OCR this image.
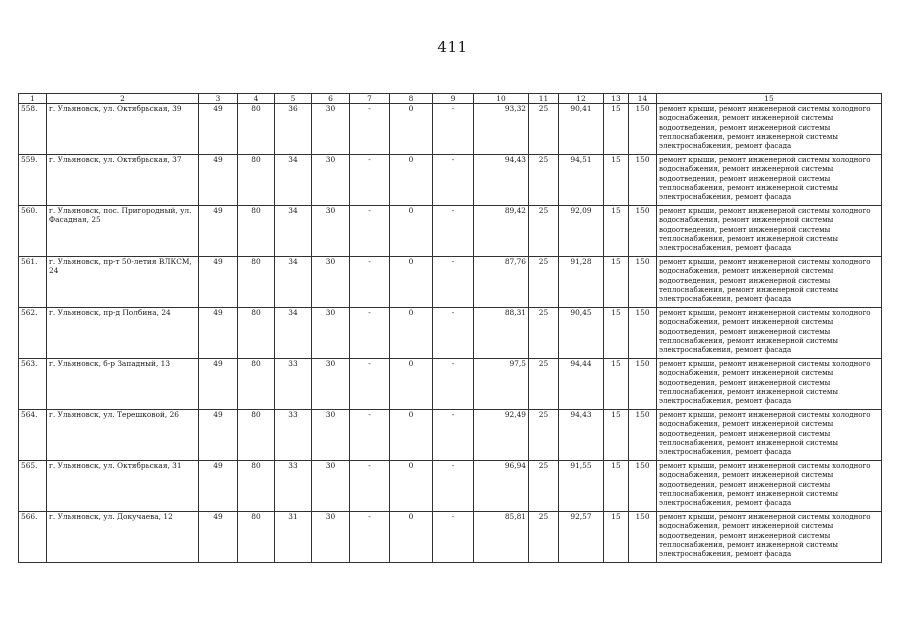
411
1	2	3	4	5	6	7	8	9	10	11	12	13	14	15
558.	г. Ульяновск, ул. Октябрьская, 39	49	80	36	30	-	0	-	93,32	25	90,41	15	150	ремонт крыши, ремонт инженерной системы холодного водоснабжения, ремонт инженерной системы водоотведения, ремонт инженерной системы теплоснабжения, ремонт инженерной системы электроснабжения, ремонт фасада
559.	г. Ульяновск, ул. Октябрьская, 37	49	80	34	30	-	0	-	94,43	25	94,51	15	150	ремонт крыши, ремонт инженерной системы холодного водоснабжения, ремонт инженерной системы водоотведения, ремонт инженерной системы теплоснабжения, ремонт инженерной системы электроснабжения, ремонт фасада
560.	г. Ульяновск, пос. Пригородный, ул. Фасадная, 25	49	80	34	30	-	0	-	89,42	25	92,09	15	150	ремонт крыши, ремонт инженерной системы холодного водоснабжения, ремонт инженерной системы водоотведения, ремонт инженерной системы теплоснабжения, ремонт инженерной системы электроснабжения, ремонт фасада
561.	г. Ульяновск, пр-т 50-летия ВЛКСМ, 24	49	80	34	30	-	0	-	87,76	25	91,28	15	150	ремонт крыши, ремонт инженерной системы холодного водоснабжения, ремонт инженерной системы водоотведения, ремонт инженерной системы теплоснабжения, ремонт инженерной системы электроснабжения, ремонт фасада
562.	г. Ульяновск, пр-д Полбина, 24	49	80	34	30	-	0	-	88,31	25	90,45	15	150	ремонт крыши, ремонт инженерной системы холодного водоснабжения, ремонт инженерной системы водоотведения, ремонт инженерной системы теплоснабжения, ремонт инженерной системы электроснабжения, ремонт фасада
563.	г. Ульяновск, б-р Западный, 13	49	80	33	30	-	0	-	97,5	25	94,44	15	150	ремонт крыши, ремонт инженерной системы холодного водоснабжения, ремонт инженерной системы водоотведения, ремонт инженерной системы теплоснабжения, ремонт инженерной системы электроснабжения, ремонт фасада
564.	г. Ульяновск, ул. Терешковой, 26	49	80	33	30	-	0	-	92,49	25	94,43	15	150	ремонт крыши, ремонт инженерной системы холодного водоснабжения, ремонт инженерной системы водоотведения, ремонт инженерной системы теплоснабжения, ремонт инженерной системы электроснабжения, ремонт фасада
565.	г. Ульяновск, ул. Октябрьская, 31	49	80	33	30	-	0	-	96,94	25	91,55	15	150	ремонт крыши, ремонт инженерной системы холодного водоснабжения, ремонт инженерной системы водоотведения, ремонт инженерной системы теплоснабжения, ремонт инженерной системы электроснабжения, ремонт фасада
566.	г. Ульяновск, ул. Докучаева, 12	49	80	31	30	-	0	-	85,81	25	92,57	15	150	ремонт крыши, ремонт инженерной системы холодного водоснабжения, ремонт инженерной системы водоотведения, ремонт инженерной системы теплоснабжения, ремонт инженерной системы электроснабжения, ремонт фасада
